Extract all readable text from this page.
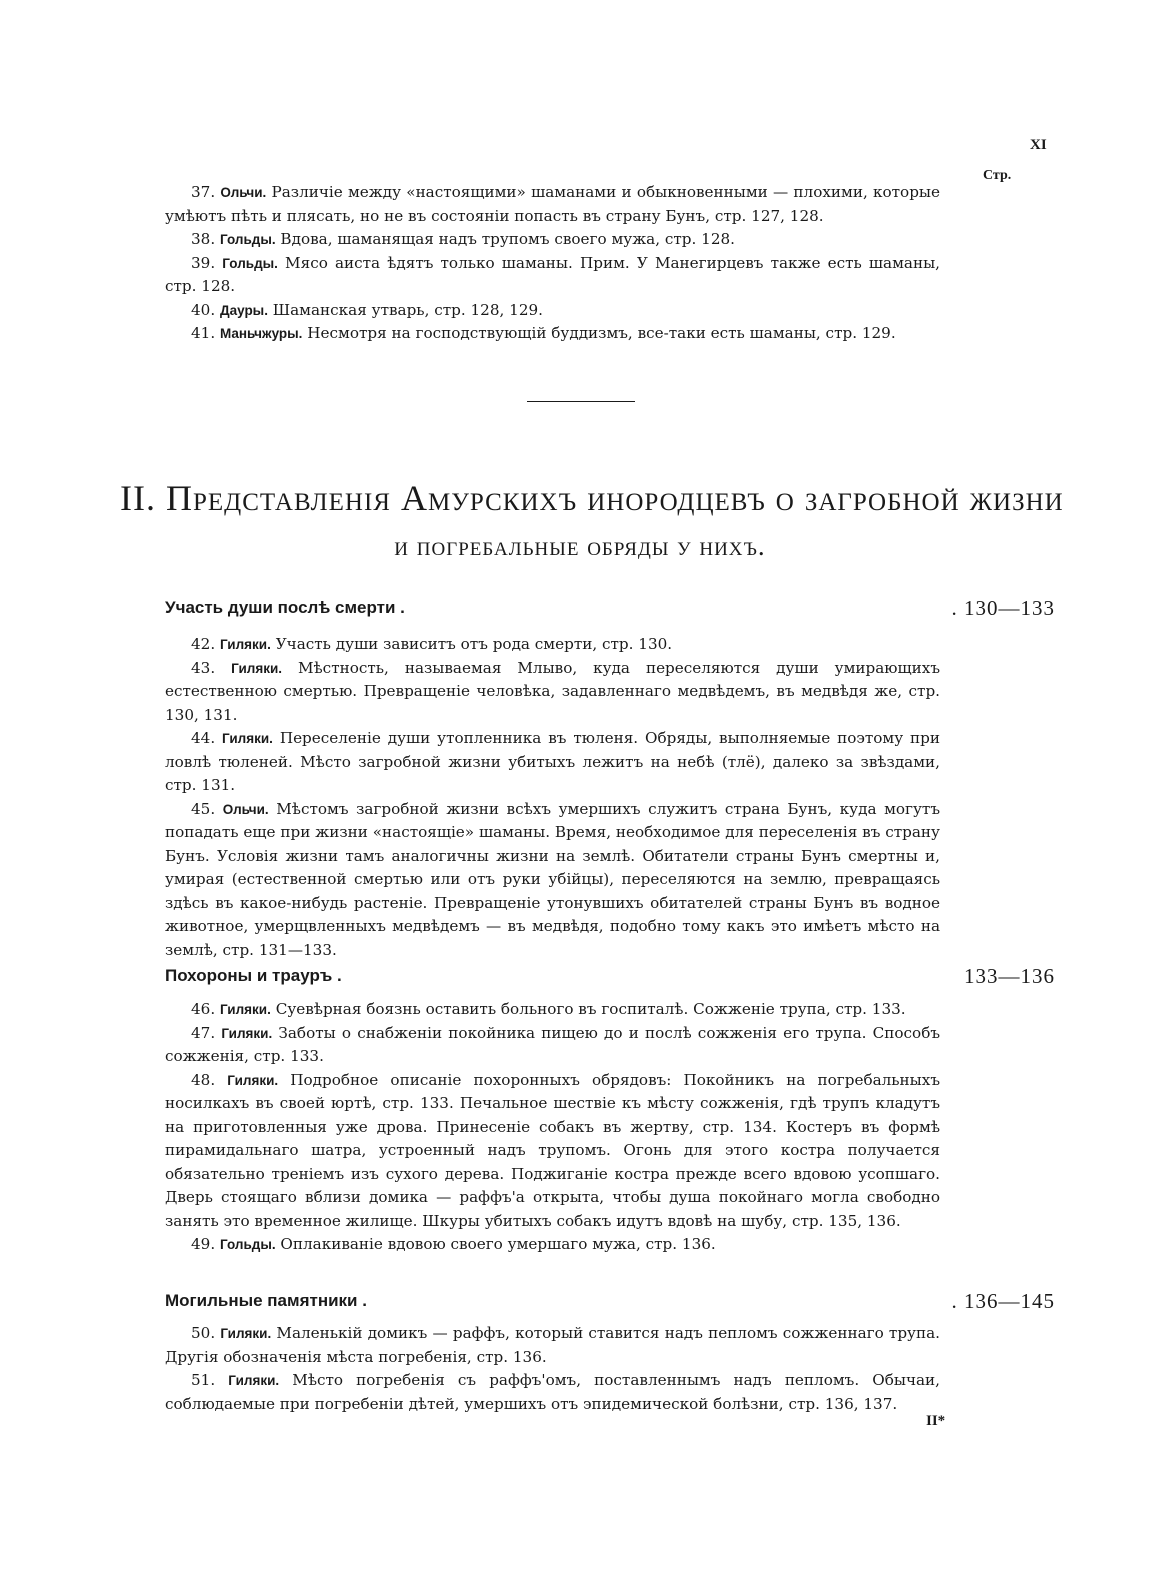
XI
Стр.

37. Ольчи. Различіе между «настоящими» шаманами и обыкновенными — плохими, которые умѣютъ пѣть и плясать, но не въ состояніи попасть въ страну Бунъ, стр. 127, 128.

38. Гольды. Вдова, шаманящая надъ трупомъ своего мужа, стр. 128.

39. Гольды. Мясо аиста ѣдятъ только шаманы. Прим. У Манегирцевъ также есть шаманы, стр. 128.

40. Дауры. Шаманская утварь, стр. 128, 129.

41. Маньчжуры. Несмотря на господствующій буддизмъ, все-таки есть шаманы, стр. 129.

II. Представленія Амурскихъ инородцевъ о загробной жизни
и погребальные обряды у нихъ.
Участь души послѣ смерти .	. 130—133

42. Гиляки. Участь души зависитъ отъ рода смерти, стр. 130.

43. Гиляки. Мѣстность, называемая Млыво, куда переселяются души умирающихъ естественною смертью. Превращеніе человѣка, задавленнаго медвѣдемъ, въ медвѣдя же, стр. 130, 131.

44. Гиляки. Переселеніе души утопленника въ тюленя. Обряды, выполняемые поэтому при ловлѣ тюленей. Мѣсто загробной жизни убитыхъ лежитъ на небѣ (тлё), далеко за звѣздами, стр. 131.

45. Ольчи. Мѣстомъ загробной жизни всѣхъ умершихъ служитъ страна Бунъ, куда могутъ попадать еще при жизни «настоящіе» шаманы. Время, необходимое для переселенія въ страну Бунъ. Условія жизни тамъ аналогичны жизни на землѣ. Обитатели страны Бунъ смертны и, умирая (естественной смертью или отъ руки убійцы), переселяются на землю, превращаясь здѣсь въ какое-нибудь растеніе. Превращеніе утонувшихъ обитателей страны Бунъ въ водное животное, умерщвленныхъ медвѣдемъ — въ медвѣдя, подобно тому какъ это имѣетъ мѣсто на землѣ, стр. 131—133.

Похороны и трауръ .	133—136

46. Гиляки. Суевѣрная боязнь оставить больного въ госпиталѣ. Сожженіе трупа, стр. 133.

47. Гиляки. Заботы о снабженіи покойника пищею до и послѣ сожженія его трупа. Способъ сожженія, стр. 133.

48. Гиляки. Подробное описаніе похоронныхъ обрядовъ: Покойникъ на погребальныхъ носилкахъ въ своей юртѣ, стр. 133. Печальное шествіе къ мѣсту сожженія, гдѣ трупъ кладутъ на приготовленныя уже дрова. Принесеніе собакъ въ жертву, стр. 134. Костеръ въ формѣ пирамидальнаго шатра, устроенный надъ трупомъ. Огонь для этого костра получается обязательно треніемъ изъ сухого дерева. Поджиганіе костра прежде всего вдовою усопшаго. Дверь стоящаго вблизи домика — раффъ'а открыта, чтобы душа покойнаго могла свободно занять это временное жилище. Шкуры убитыхъ собакъ идутъ вдовѣ на шубу, стр. 135, 136.

49. Гольды. Оплакиваніе вдовою своего умершаго мужа, стр. 136.

Могильные памятники .	. 136—145

50. Гиляки. Маленькій домикъ — раффъ, который ставится надъ пепломъ сожженнаго трупа. Другія обозначенія мѣста погребенія, стр. 136.

51. Гиляки. Мѣсто погребенія съ раффъ'омъ, поставленнымъ надъ пепломъ. Обычаи, соблюдаемые при погребеніи дѣтей, умершихъ отъ эпидемической болѣзни, стр. 136, 137.

II*
